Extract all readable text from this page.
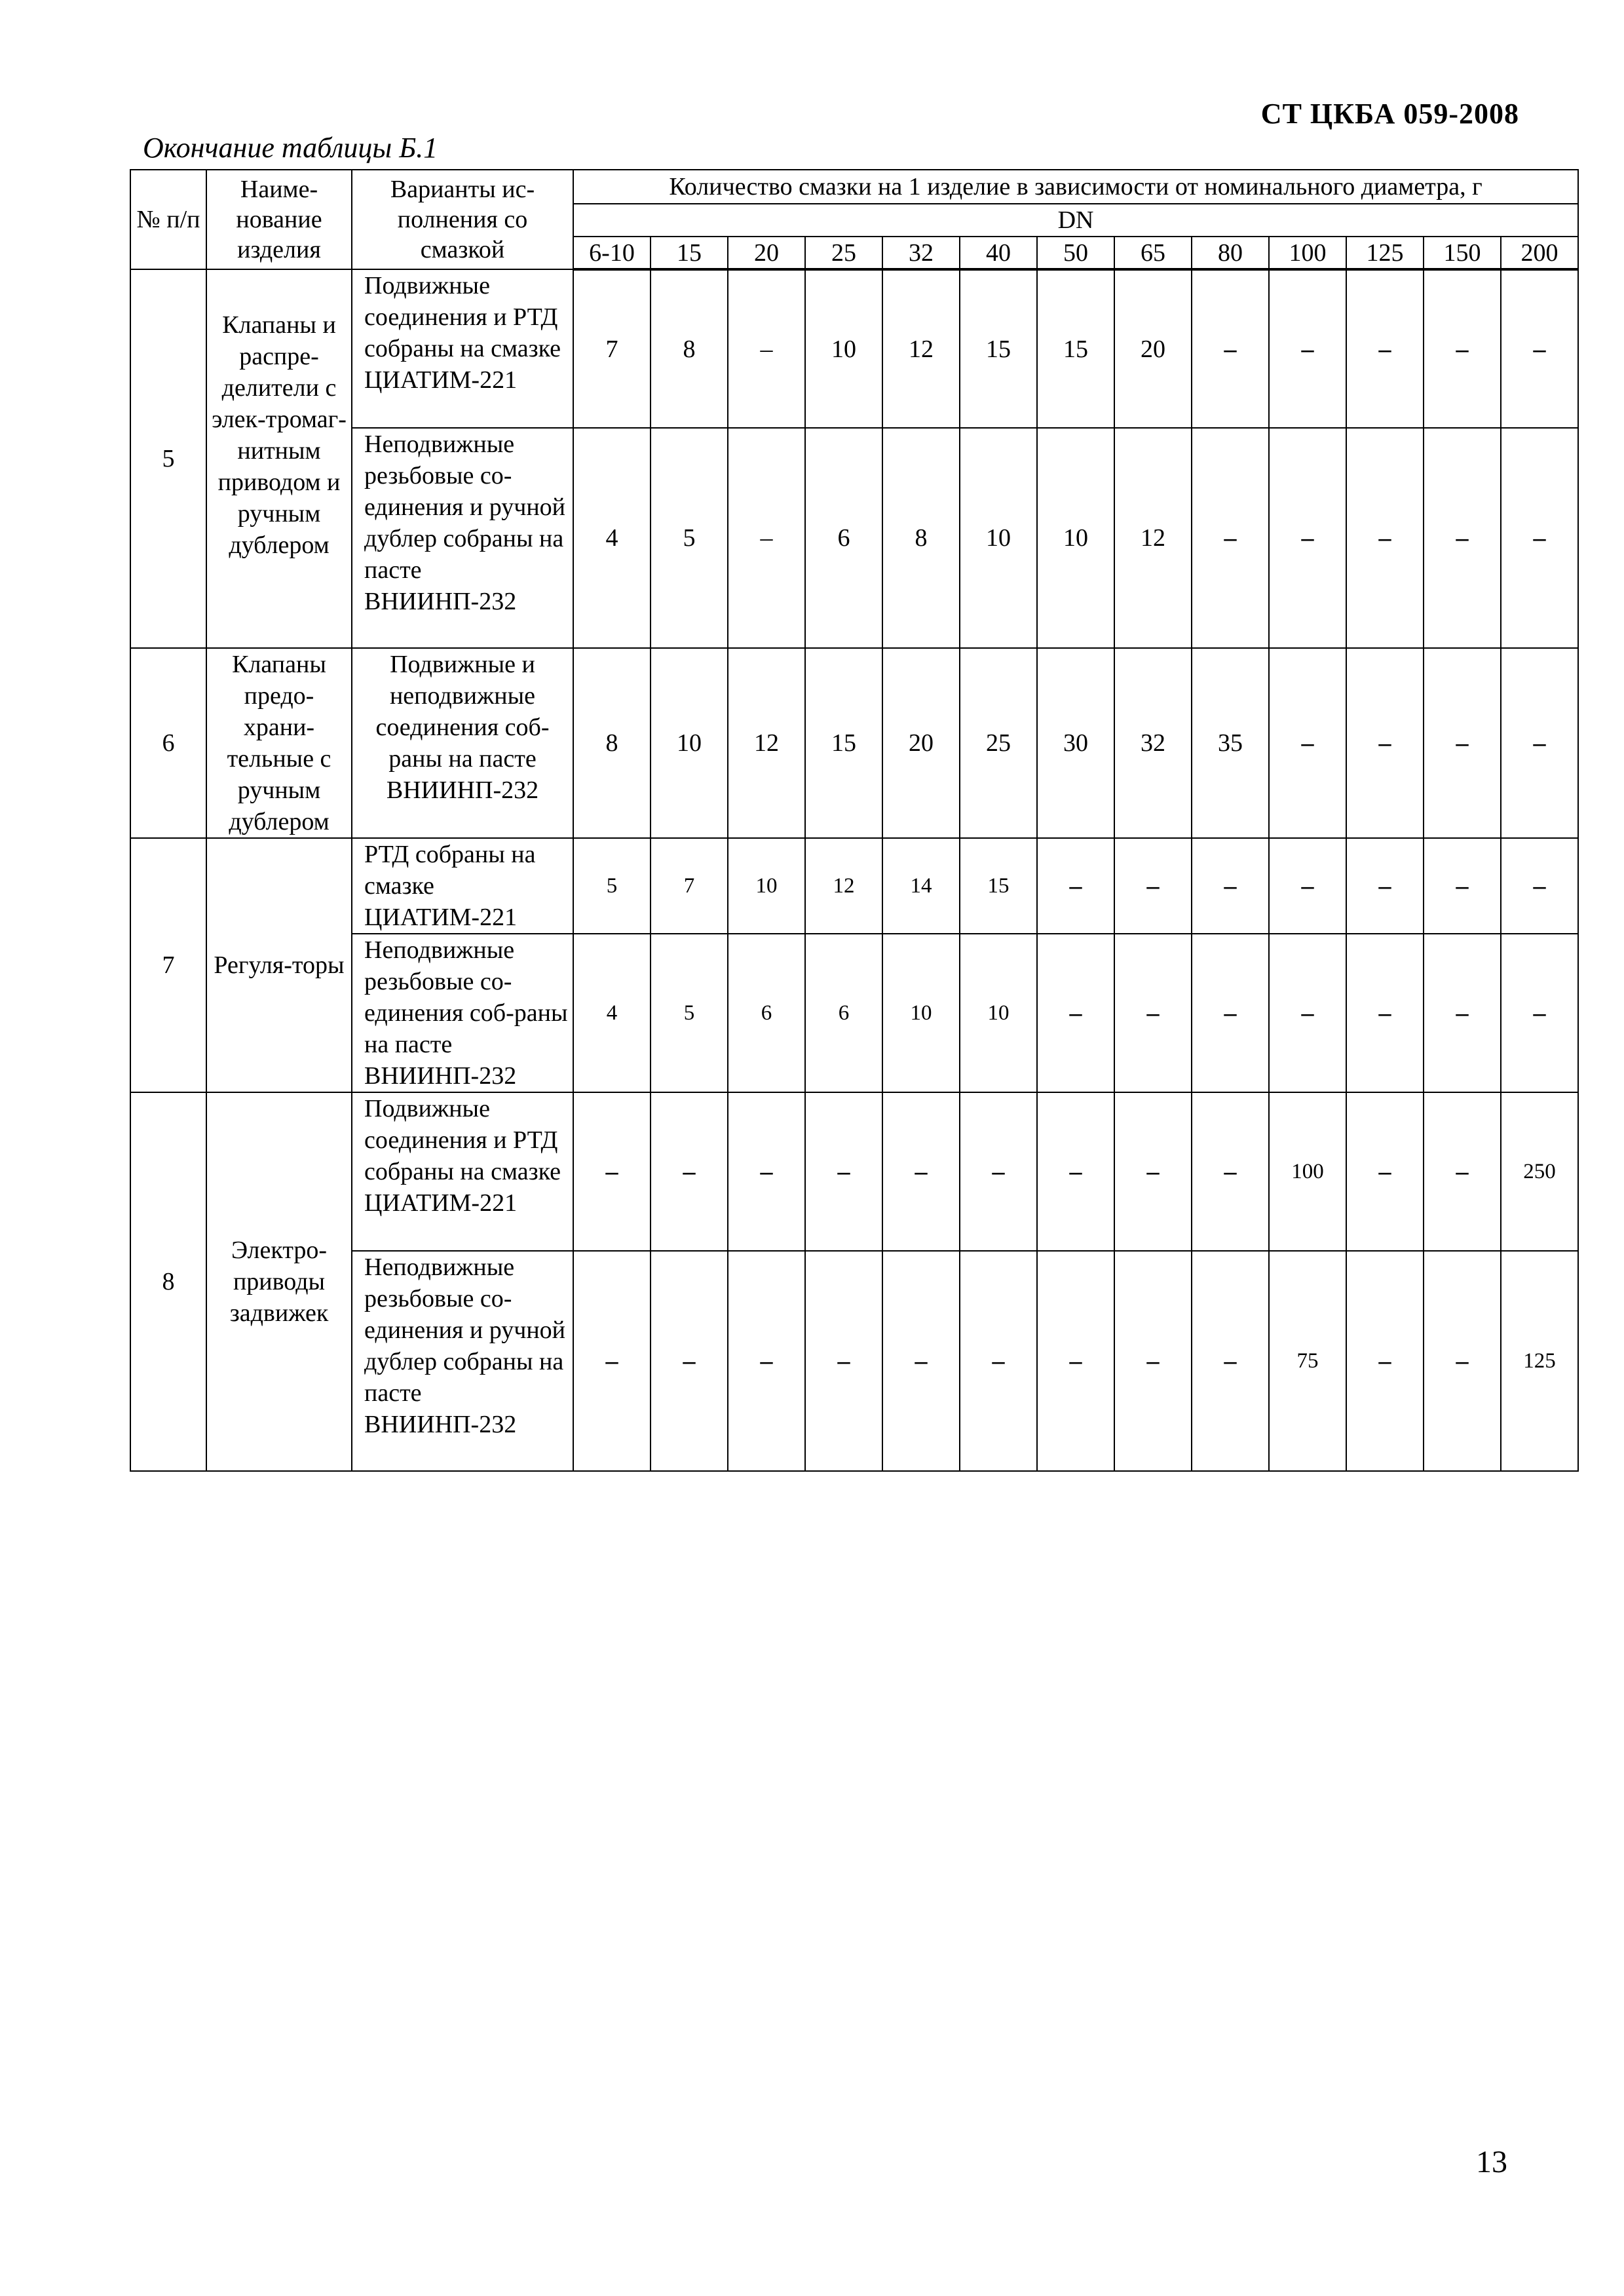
СТ ЦКБА 059-2008
Окончание таблицы Б.1
№ п/п	Наиме-нование изделия	Варианты ис-полнения со смазкой	Количество смазки на 1 изделие в зависимости от номинального диаметра, г												
			DN												
			6-10	15	20	25	32	40	50	65	80	100	125	150	200
5	Клапаны и распре-делители с элек-тромаг-нитным приводом и ручным дублером	Подвижные соединения и РТД собраны на смазке ЦИАТИМ-221	7	8	–	10	12	15	15	20	–	–	–	–	–
		Неподвижные резьбовые со-единения и ручной дублер собраны на пасте ВНИИНП-232	4	5	–	6	8	10	10	12	–	–	–	–	–
6	Клапаны предо-храни-тельные с ручным дублером	Подвижные и неподвижные соединения соб-раны на пасте ВНИИНП-232	8	10	12	15	20	25	30	32	35	–	–	–	–
7	Регуля-торы	РТД собраны на смазке ЦИАТИМ-221	5	7	10	12	14	15	–	–	–	–	–	–	–
		Неподвижные резьбовые со-единения соб-раны на пасте ВНИИНП-232	4	5	6	6	10	10	–	–	–	–	–	–	–
8	Электро-приводы задвижек	Подвижные соединения и РТД собраны на смазке ЦИАТИМ-221	–	–	–	–	–	–	–	–	–	100	–	–	250
		Неподвижные резьбовые со-единения и ручной дублер собраны на пасте ВНИИНП-232	–	–	–	–	–	–	–	–	–	75	–	–	125
13
